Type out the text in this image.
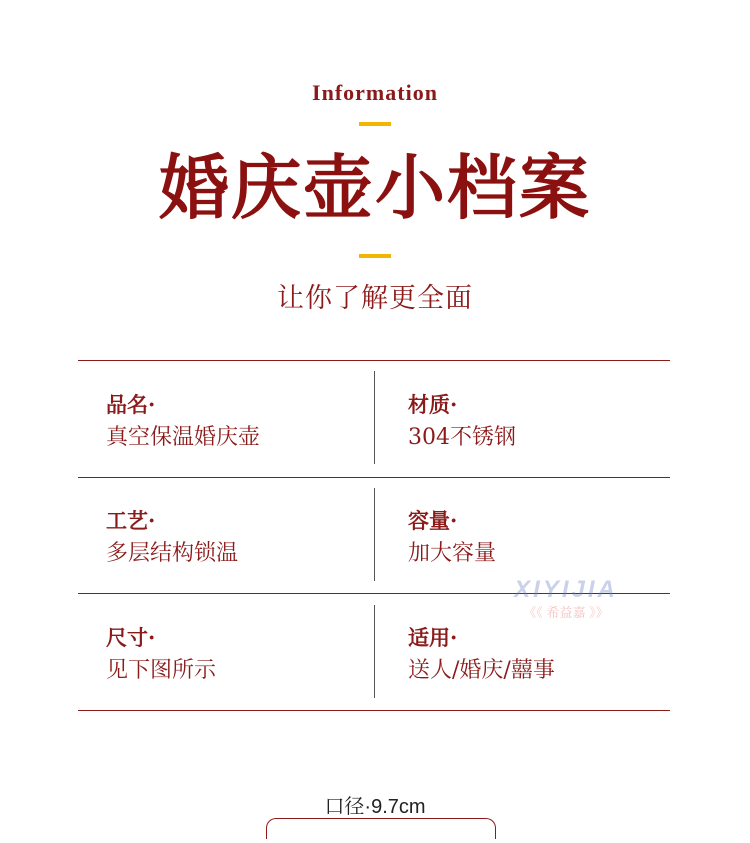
Information
婚庆壶小档案
让你了解更全面
品名·
真空保温婚庆壶
材质·
304不锈钢
工艺·
多层结构锁温
容量·
加大容量
尺寸·
见下图所示
适用·
送人/婚庆/囍事
XIYIJIA
《《 希益嘉 》》
口径·9.7cm
